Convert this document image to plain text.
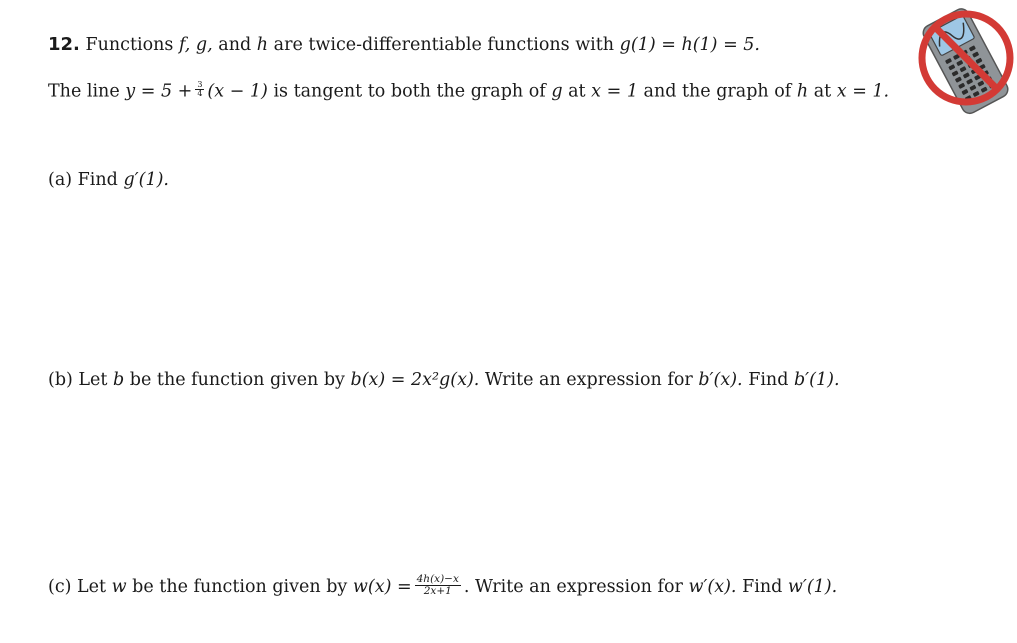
12. Functions f, g, and h are twice-differentiable functions with g(1) = h(1) = 5.
The line $y = 5 + \frac{3}{4} (x - 1)$ is tangent to both the graph of g at x = 1 and the graph of h at x = 1.
(a) Find g′(1).
(b) Let b be the function given by b(x) = 2x²g(x). Write an expression for b′(x). Find b′(1).
(c) Let w be the function given by $w(x) = \frac{4h(x)-x}{2x+1}$ . Write an expression for w′(x). Find w′(1).
